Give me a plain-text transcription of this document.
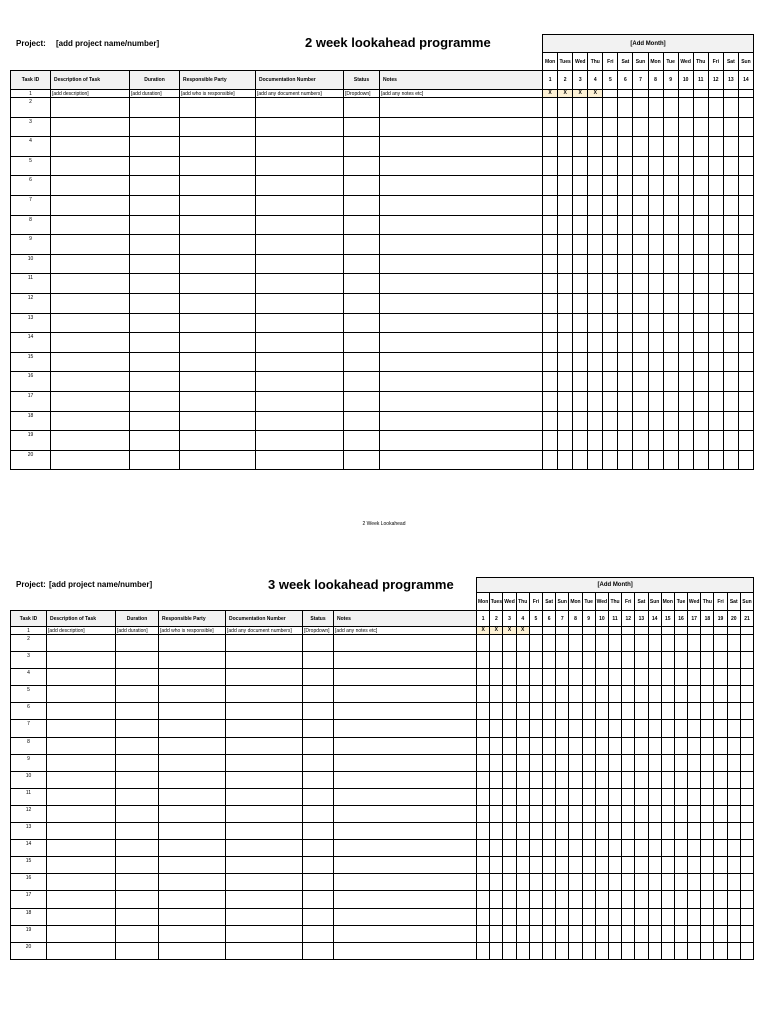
Project: [add project name/number]	2 week lookahead programme
							[Add Month]													
							Mon	Tues	Wed	Thu	Fri	Sat	Sun	Mon	Tue	Wed	Thu	Fri	Sat	Sun
Task ID	Description of Task	Duration	Responsible Party	Documentation Number	Status	Notes	1	2	3	4	5	6	7	8	9	10	11	12	13	14
1	[add description]	[add duration]	[add who is responsible]	[add any document numbers]	[Dropdown]	[add any notes etc]	X	X	X	X										
2																				
3																				
4																				
5																				
6																				
7																				
8																				
9																				
10																				
11																				
12																				
13																				
14																				
15																				
16																				
17																				
18																				
19																				
20																				
2 Week Lookahead
Project: [add project name/number]	3 week lookahead programme
							[Add Month]																				
							Mon	Tues	Wed	Thu	Fri	Sat	Sun	Mon	Tue	Wed	Thu	Fri	Sat	Sun	Mon	Tue	Wed	Thu	Fri	Sat	Sun
Task ID	Description of Task	Duration	Responsible Party	Documentation Number	Status	Notes	1	2	3	4	5	6	7	8	9	10	11	12	13	14	15	16	17	18	19	20	21
1	[add description]	[add duration]	[add who is responsible]	[add any document numbers]	[Dropdown]	[add any notes etc]	X	X	X	X																	
2																											
3																											
4																											
5																											
6																											
7																											
8																											
9																											
10																											
11																											
12																											
13																											
14																											
15																											
16																											
17																											
18																											
19																											
20																											
